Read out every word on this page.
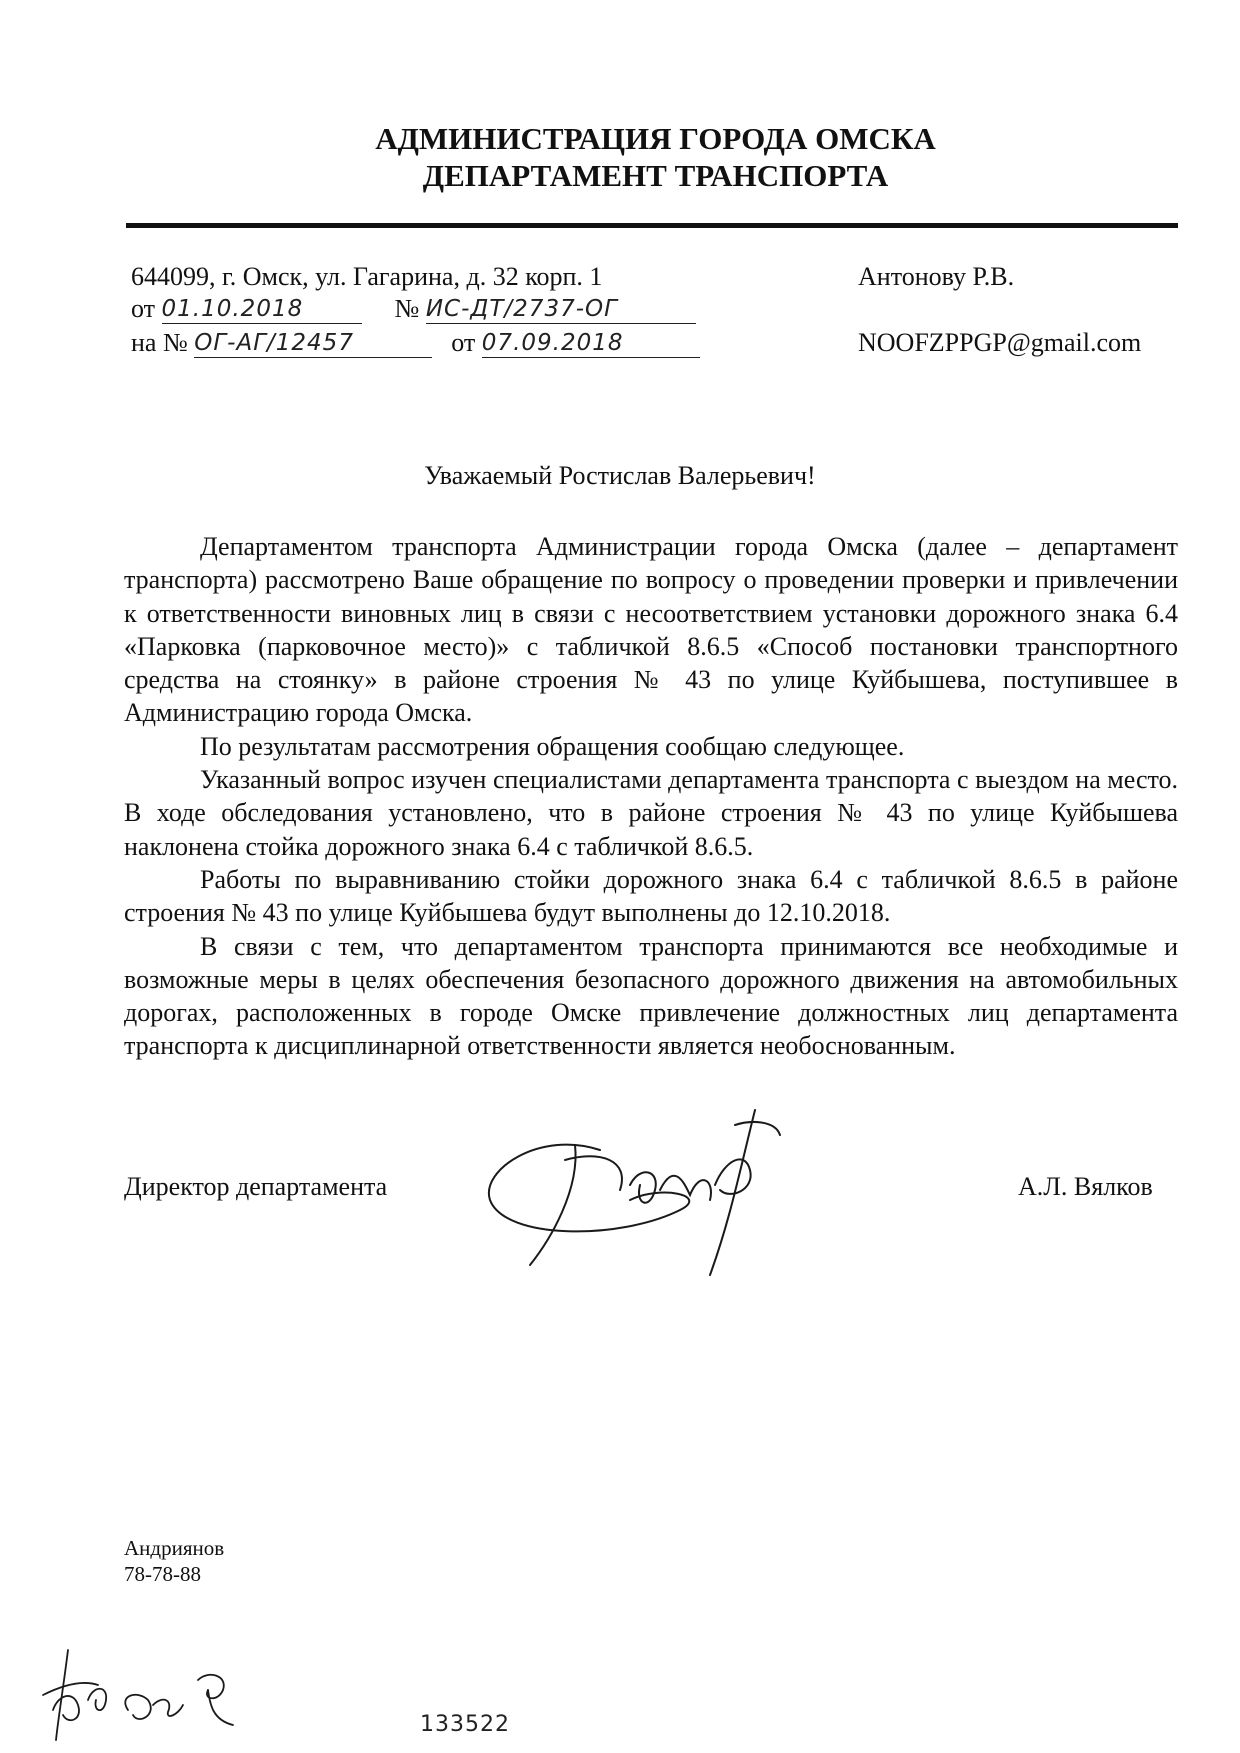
АДМИНИСТРАЦИЯ ГОРОДА ОМСКА
ДЕПАРТАМЕНТ ТРАНСПОРТА
644099, г. Омск, ул. Гагарина, д. 32 корп. 1
от 01.10.2018	№ ИС-ДТ/2737-ОГ
на № ОГ-АГ/12457	от 07.09.2018
Антонову Р.В.
NOOFZPPGP@gmail.com
Уважаемый Ростислав Валерьевич!

Департаментом транспорта Администрации города Омска (далее – департамент транспорта) рассмотрено Ваше обращение по вопросу о проведении проверки и привлечении к ответственности виновных лиц в связи с несоответствием установки дорожного знака 6.4 «Парковка (парковочное место)» с табличкой 8.6.5 «Способ постановки транспортного средства на стоянку» в районе строения № 43 по улице Куйбышева, поступившее в Администрацию города Омска.

По результатам рассмотрения обращения сообщаю следующее.

Указанный вопрос изучен специалистами департамента транспорта с выездом на место. В ходе обследования установлено, что в районе строения № 43 по улице Куйбышева наклонена стойка дорожного знака 6.4 с табличкой 8.6.5.

Работы по выравниванию стойки дорожного знака 6.4 с табличкой 8.6.5 в районе строения № 43 по улице Куйбышева будут выполнены до 12.10.2018.

В связи с тем, что департаментом транспорта принимаются все необходимые и возможные меры в целях обеспечения безопасного дорожного движения на автомобильных дорогах, расположенных в городе Омске привлечение должностных лиц департамента транспорта к дисциплинарной ответственности является необоснованным.

Директор департамента	А.Л. Вялков
Андриянов
78-78-88
133522
